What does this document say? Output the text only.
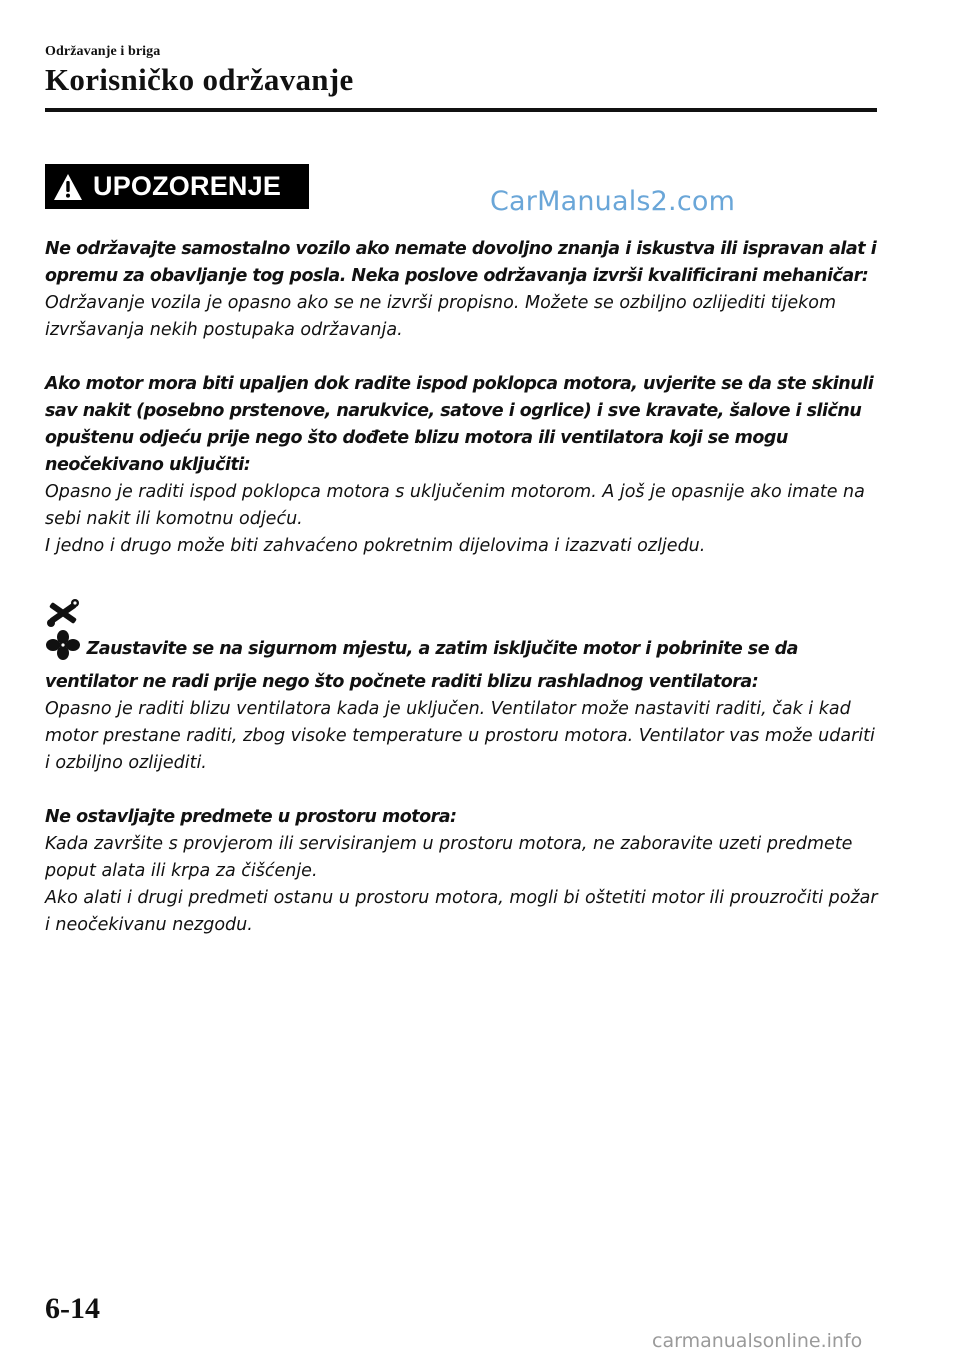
Održavanje i briga
Korisničko održavanje
UPOZORENJE	CarManuals2.com

Ne održavajte samostalno vozilo ako nemate dovoljno znanja i iskustva ili ispravan alat i opremu za obavljanje tog posla. Neka poslove održavanja izvrši kvalificirani mehaničar:

Održavanje vozila je opasno ako se ne izvrši propisno. Možete se ozbiljno ozlijediti tijekom izvršavanja nekih postupaka održavanja.

Ako motor mora biti upaljen dok radite ispod poklopca motora, uvjerite se da ste skinuli sav nakit (posebno prstenove, narukvice, satove i ogrlice) i sve kravate, šalove i sličnu opuštenu odjeću prije nego što dođete blizu motora ili ventilatora koji se mogu neočekivano uključiti:

Opasno je raditi ispod poklopca motora s uključenim motorom. A još je opasnije ako imate na sebi nakit ili komotnu odjeću.

I jedno i drugo može biti zahvaćeno pokretnim dijelovima i izazvati ozljedu.

Zaustavite se na sigurnom mjestu, a zatim isključite motor i pobrinite se da ventilator ne radi prije nego što počnete raditi blizu rashladnog ventilatora:

Opasno je raditi blizu ventilatora kada je uključen. Ventilator može nastaviti raditi, čak i kad motor prestane raditi, zbog visoke temperature u prostoru motora. Ventilator vas može udariti i ozbiljno ozlijediti.

Ne ostavljajte predmete u prostoru motora:

Kada završite s provjerom ili servisiranjem u prostoru motora, ne zaboravite uzeti predmete poput alata ili krpa za čišćenje.

Ako alati i drugi predmeti ostanu u prostoru motora, mogli bi oštetiti motor ili prouzročiti požar i neočekivanu nezgodu.

6-14
carmanualsonline.info
